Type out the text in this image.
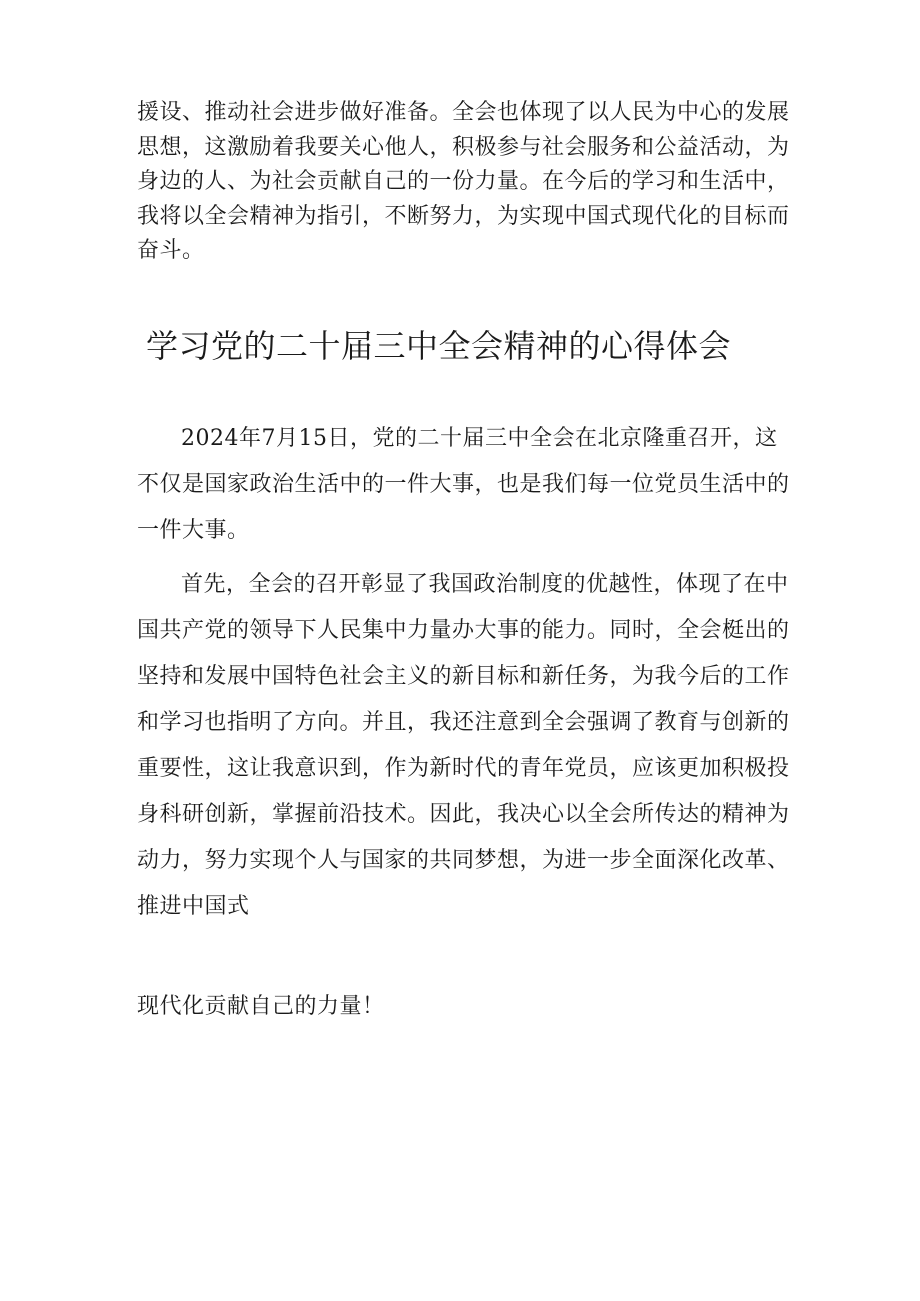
援设、推动社会进步做好准备。全会也体现了以人民为中心的发展思想，这激励着我要关心他人，积极参与社会服务和公益活动，为身边的人、为社会贡献自己的一份力量。在今后的学习和生活中，我将以全会精神为指引，不断努力，为实现中国式现代化的目标而奋斗。

学习党的二十届三中全会精神的心得体会

2024年7月15日，党的二十届三中全会在北京隆重召开，这不仅是国家政治生活中的一件大事，也是我们每一位党员生活中的一件大事。

首先，全会的召开彰显了我国政治制度的优越性，体现了在中国共产党的领导下人民集中力量办大事的能力。同时，全会梃出的坚持和发展中国特色社会主义的新目标和新任务，为我今后的工作和学习也指明了方向。并且，我还注意到全会强调了教育与创新的重要性，这让我意识到，作为新时代的青年党员，应该更加积极投身科研创新，掌握前沿技术。因此，我决心以全会所传达的精神为动力，努力实现个人与国家的共同梦想，为进一步全面深化改革、推进中国式

现代化贡献自己的力量！
